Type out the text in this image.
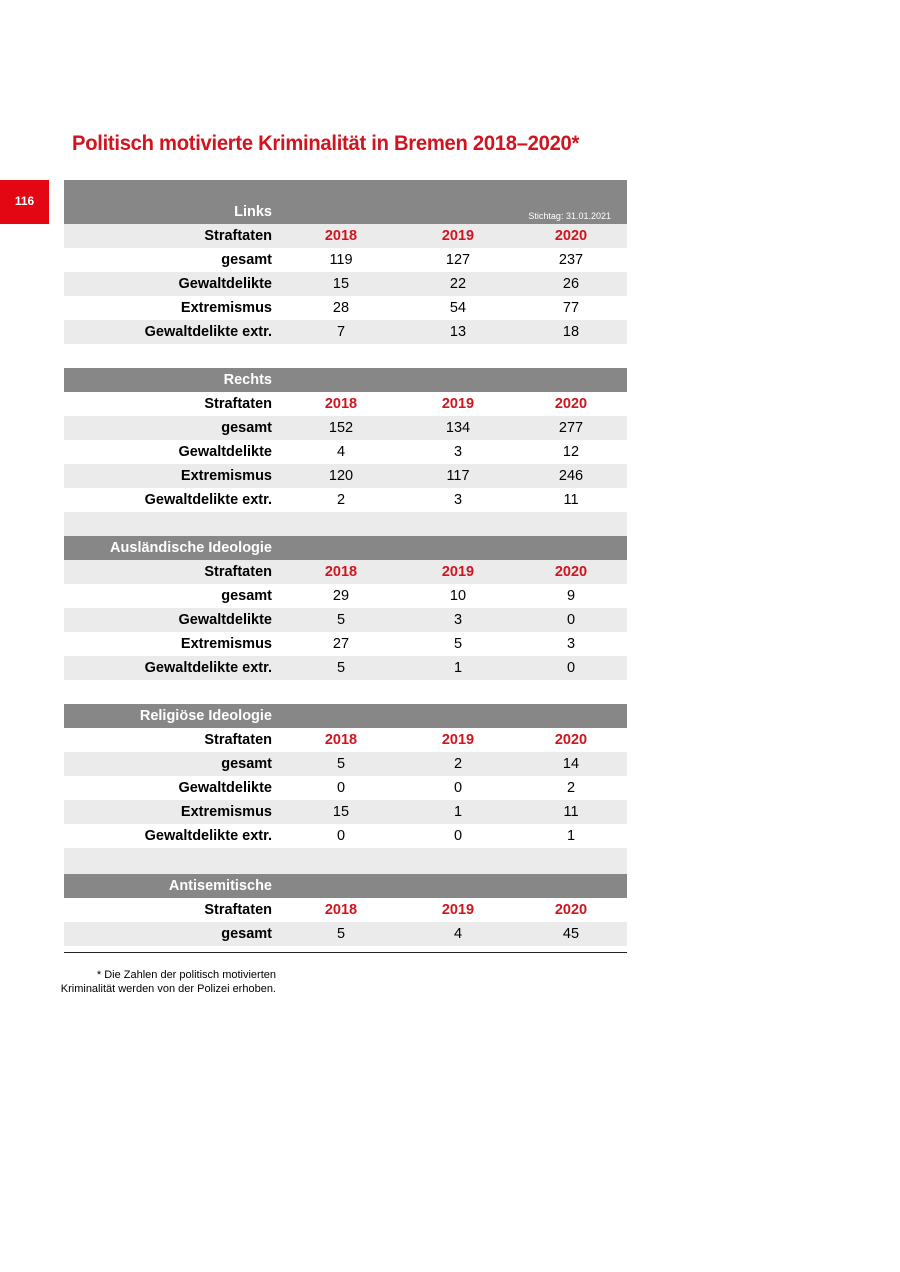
116
Politisch motivierte Kriminalität in Bremen 2018–2020*
Links	Stichtag: 31.01.2021
Straftaten	2018	2019	2020
gesamt	119	127	237
Gewaltdelikte	15	22	26
Extremismus	28	54	77
Gewaltdelikte extr.	7	13	18
Rechts
Straftaten	2018	2019	2020
gesamt	152	134	277
Gewaltdelikte	4	3	12
Extremismus	120	117	246
Gewaltdelikte extr.	2	3	11
Ausländische Ideologie
Straftaten	2018	2019	2020
gesamt	29	10	9
Gewaltdelikte	5	3	0
Extremismus	27	5	3
Gewaltdelikte extr.	5	1	0
Religiöse Ideologie
Straftaten	2018	2019	2020
gesamt	5	2	14
Gewaltdelikte	0	0	2
Extremismus	15	1	11
Gewaltdelikte extr.	0	0	1
Antisemitische
Straftaten	2018	2019	2020
gesamt	5	4	45
* Die Zahlen der politisch motivierten Kriminalität werden von der Polizei erhoben.
